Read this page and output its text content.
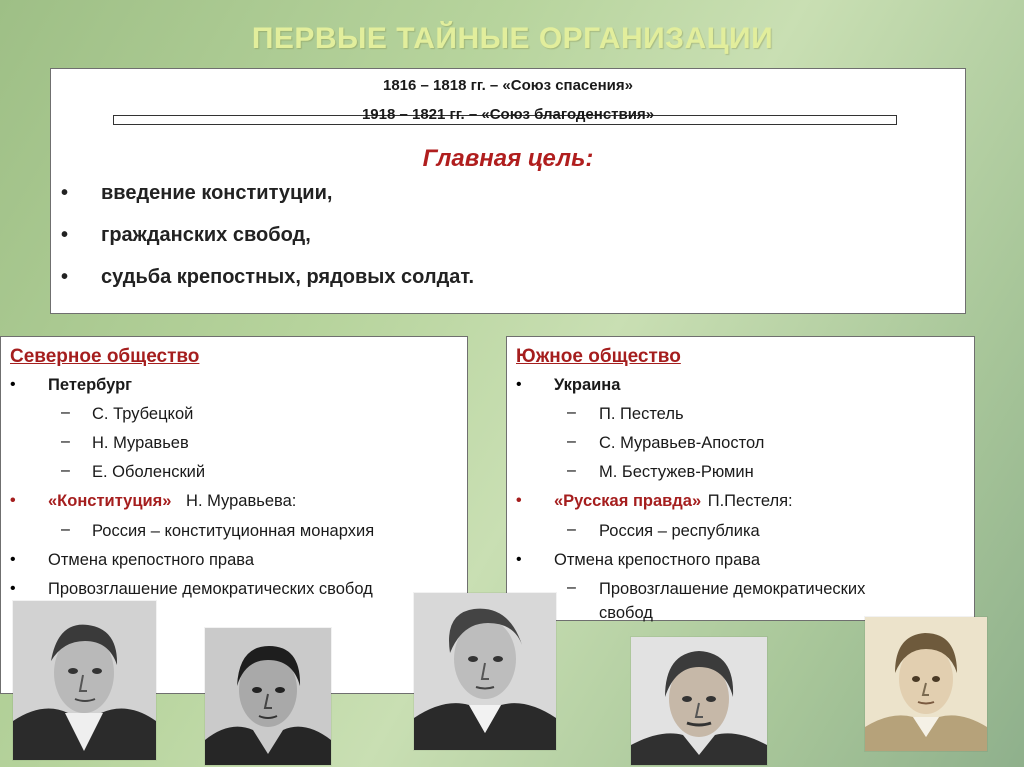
ПЕРВЫЕ ТАЙНЫЕ ОРГАНИЗАЦИИ
1816 – 1818 гг. – «Союз спасения»
1918 – 1821 гг. – «Союз благоденствия»
Главная цель:
•	введение конституции,
•	гражданских свобод,
•	судьба крепостных, рядовых солдат.
Северное общество
•	Петербург
–	С. Трубецкой
–	Н. Муравьев
–	Е. Оболенский
•	«Конституция» Н. Муравьева:
–	Россия – конституционная монархия
•	Отмена крепостного права
•	Провозглашение демократических свобод
Южное общество
•	Украина
–	П. Пестель
–	С. Муравьев-Апостол
–	М. Бестужев-Рюмин
•	«Русская правда» П.Пестеля:
–	Россия – республика
•	Отмена крепостного права
–	Провозглашение демократических
свобод
